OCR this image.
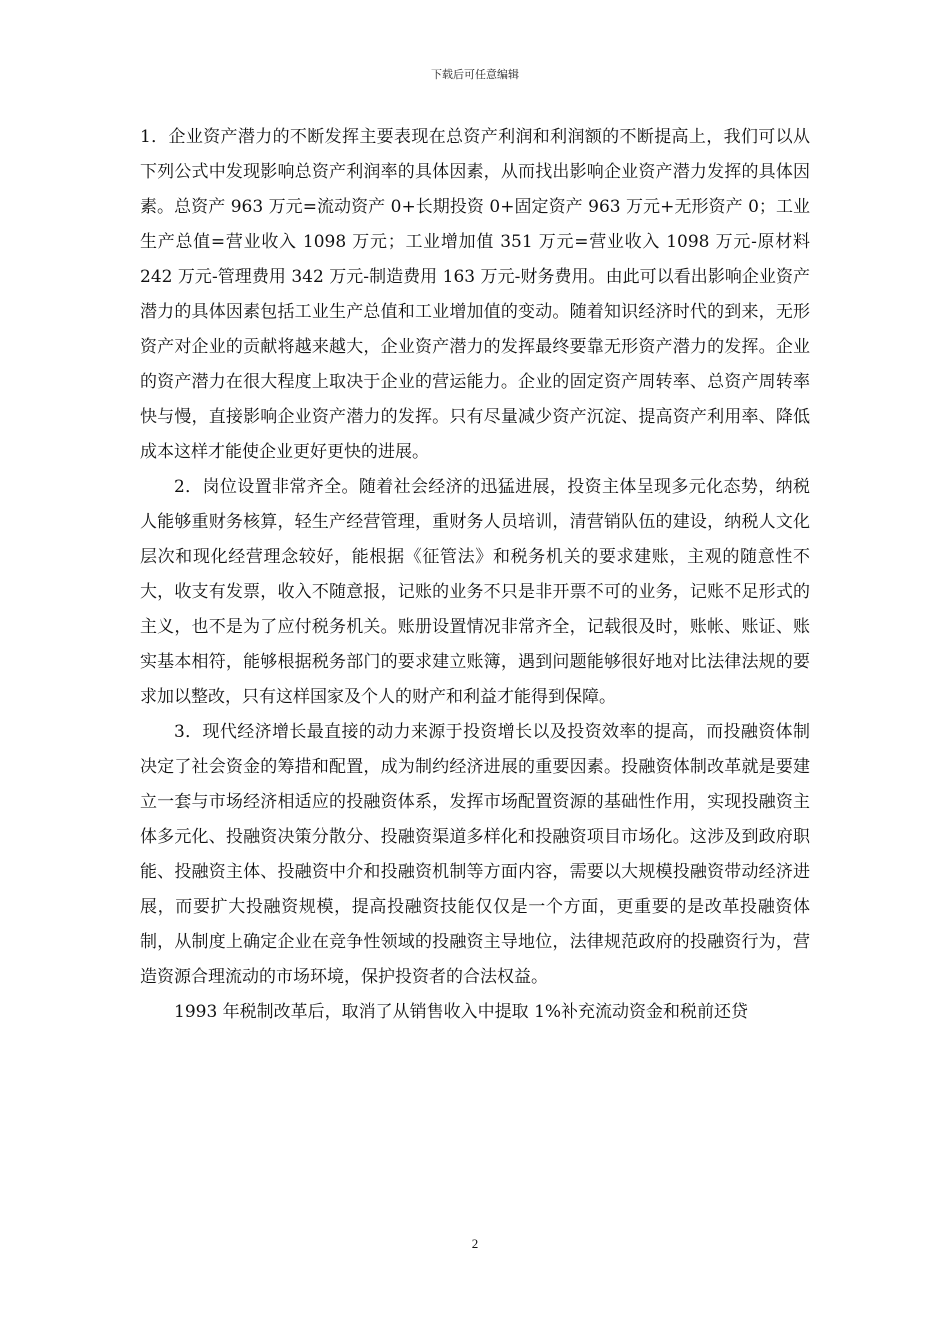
下载后可任意编辑

1．企业资产潜力的不断发挥主要表现在总资产利润和利润额的不断提高上，我们可以从下列公式中发现影响总资产利润率的具体因素，从而找出影响企业资产潜力发挥的具体因素。总资产 963 万元=流动资产 0+长期投资 0+固定资产 963 万元+无形资产 0；工业生产总值=营业收入 1098 万元；工业增加值 351 万元=营业收入 1098 万元-原材料 242 万元-管理费用 342 万元-制造费用 163 万元-财务费用。由此可以看出影响企业资产潜力的具体因素包括工业生产总值和工业增加值的变动。随着知识经济时代的到来，无形资产对企业的贡献将越来越大，企业资产潜力的发挥最终要靠无形资产潜力的发挥。企业的资产潜力在很大程度上取决于企业的营运能力。企业的固定资产周转率、总资产周转率快与慢，直接影响企业资产潜力的发挥。只有尽量减少资产沉淀、提高资产利用率、降低成本这样才能使企业更好更快的进展。

2．岗位设置非常齐全。随着社会经济的迅猛进展，投资主体呈现多元化态势，纳税人能够重财务核算，轻生产经营管理，重财务人员培训，清营销队伍的建设，纳税人文化层次和现化经营理念较好，能根据《征管法》和税务机关的要求建账，主观的随意性不大，收支有发票，收入不随意报，记账的业务不只是非开票不可的业务，记账不足形式的主义，也不是为了应付税务机关。账册设置情况非常齐全，记载很及时，账帐、账证、账实基本相符，能够根据税务部门的要求建立账簿，遇到问题能够很好地对比法律法规的要求加以整改，只有这样国家及个人的财产和利益才能得到保障。

3．现代经济增长最直接的动力来源于投资增长以及投资效率的提高，而投融资体制决定了社会资金的筹措和配置，成为制约经济进展的重要因素。投融资体制改革就是要建立一套与市场经济相适应的投融资体系，发挥市场配置资源的基础性作用，实现投融资主体多元化、投融资决策分散分、投融资渠道多样化和投融资项目市场化。这涉及到政府职能、投融资主体、投融资中介和投融资机制等方面内容，需要以大规模投融资带动经济进展，而要扩大投融资规模，提高投融资技能仅仅是一个方面，更重要的是改革投融资体制，从制度上确定企业在竞争性领域的投融资主导地位，法律规范政府的投融资行为，营造资源合理流动的市场环境，保护投资者的合法权益。

1993 年税制改革后，取消了从销售收入中提取 1%补充流动资金和税前还贷

2
